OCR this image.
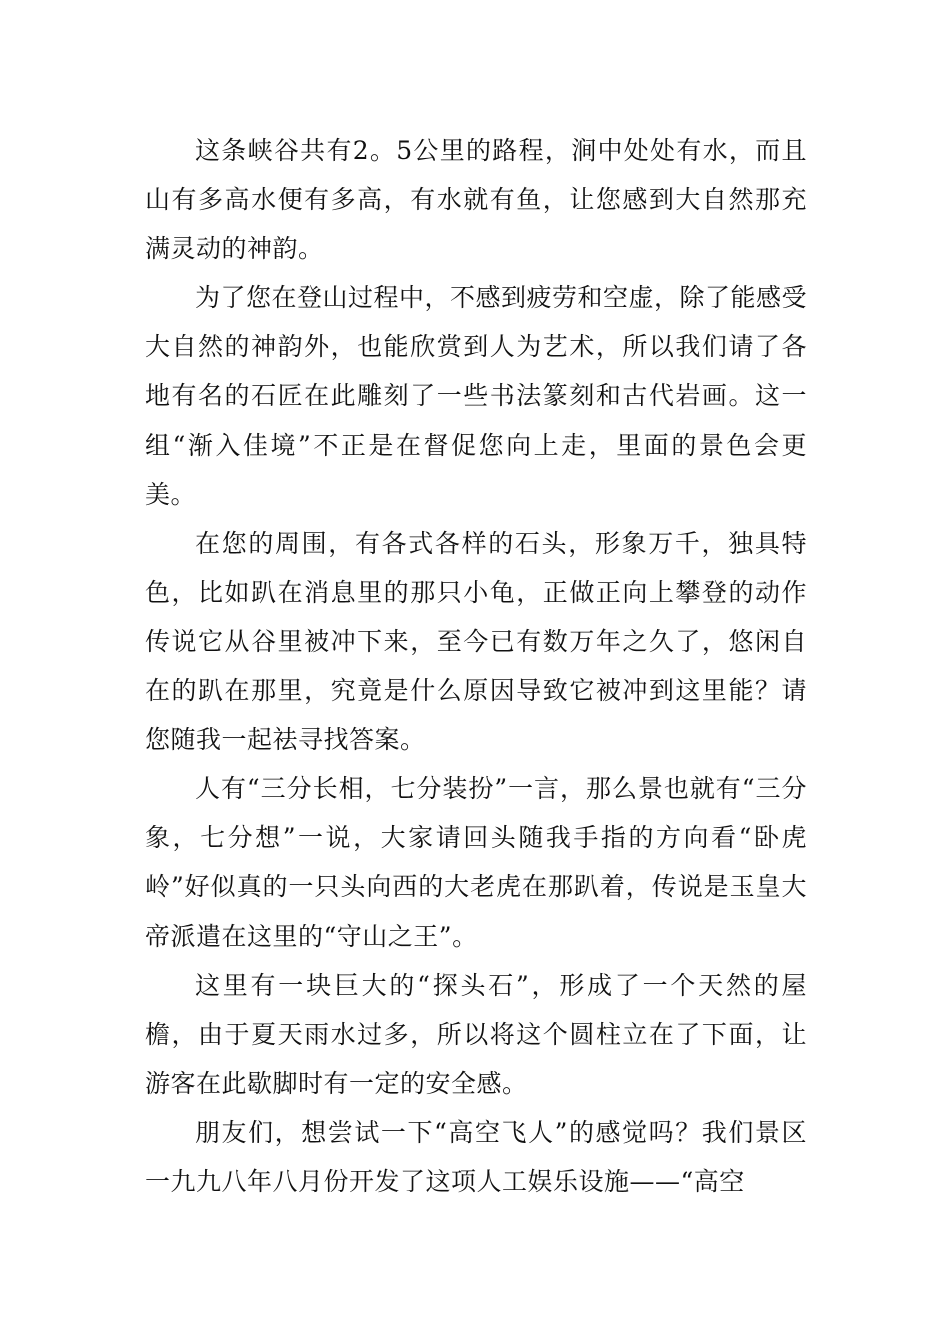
这条峡谷共有2。5公里的路程，涧中处处有水，而且山有多高水便有多高，有水就有鱼，让您感到大自然那充满灵动的神韵。

为了您在登山过程中，不感到疲劳和空虚，除了能感受大自然的神韵外，也能欣赏到人为艺术，所以我们请了各地有名的石匠在此雕刻了一些书法篆刻和古代岩画。这一组“渐入佳境”不正是在督促您向上走，里面的景色会更美。

在您的周围，有各式各样的石头，形象万千，独具特色，比如趴在消息里的那只小龟，正做正向上攀登的动作传说它从谷里被冲下来，至今已有数万年之久了，悠闲自在的趴在那里，究竟是什么原因导致它被冲到这里能？请您随我一起祛寻找答案。

人有“三分长相，七分装扮”一言，那么景也就有“三分象，七分想”一说，大家请回头随我手指的方向看“卧虎岭”好似真的一只头向西的大老虎在那趴着，传说是玉皇大帝派遣在这里的“守山之王”。

这里有一块巨大的“探头石”，形成了一个天然的屋檐，由于夏天雨水过多，所以将这个圆柱立在了下面，让游客在此歇脚时有一定的安全感。

朋友们，想尝试一下“高空飞人”的感觉吗？我们景区一九九八年八月份开发了这项人工娱乐设施——“高空
